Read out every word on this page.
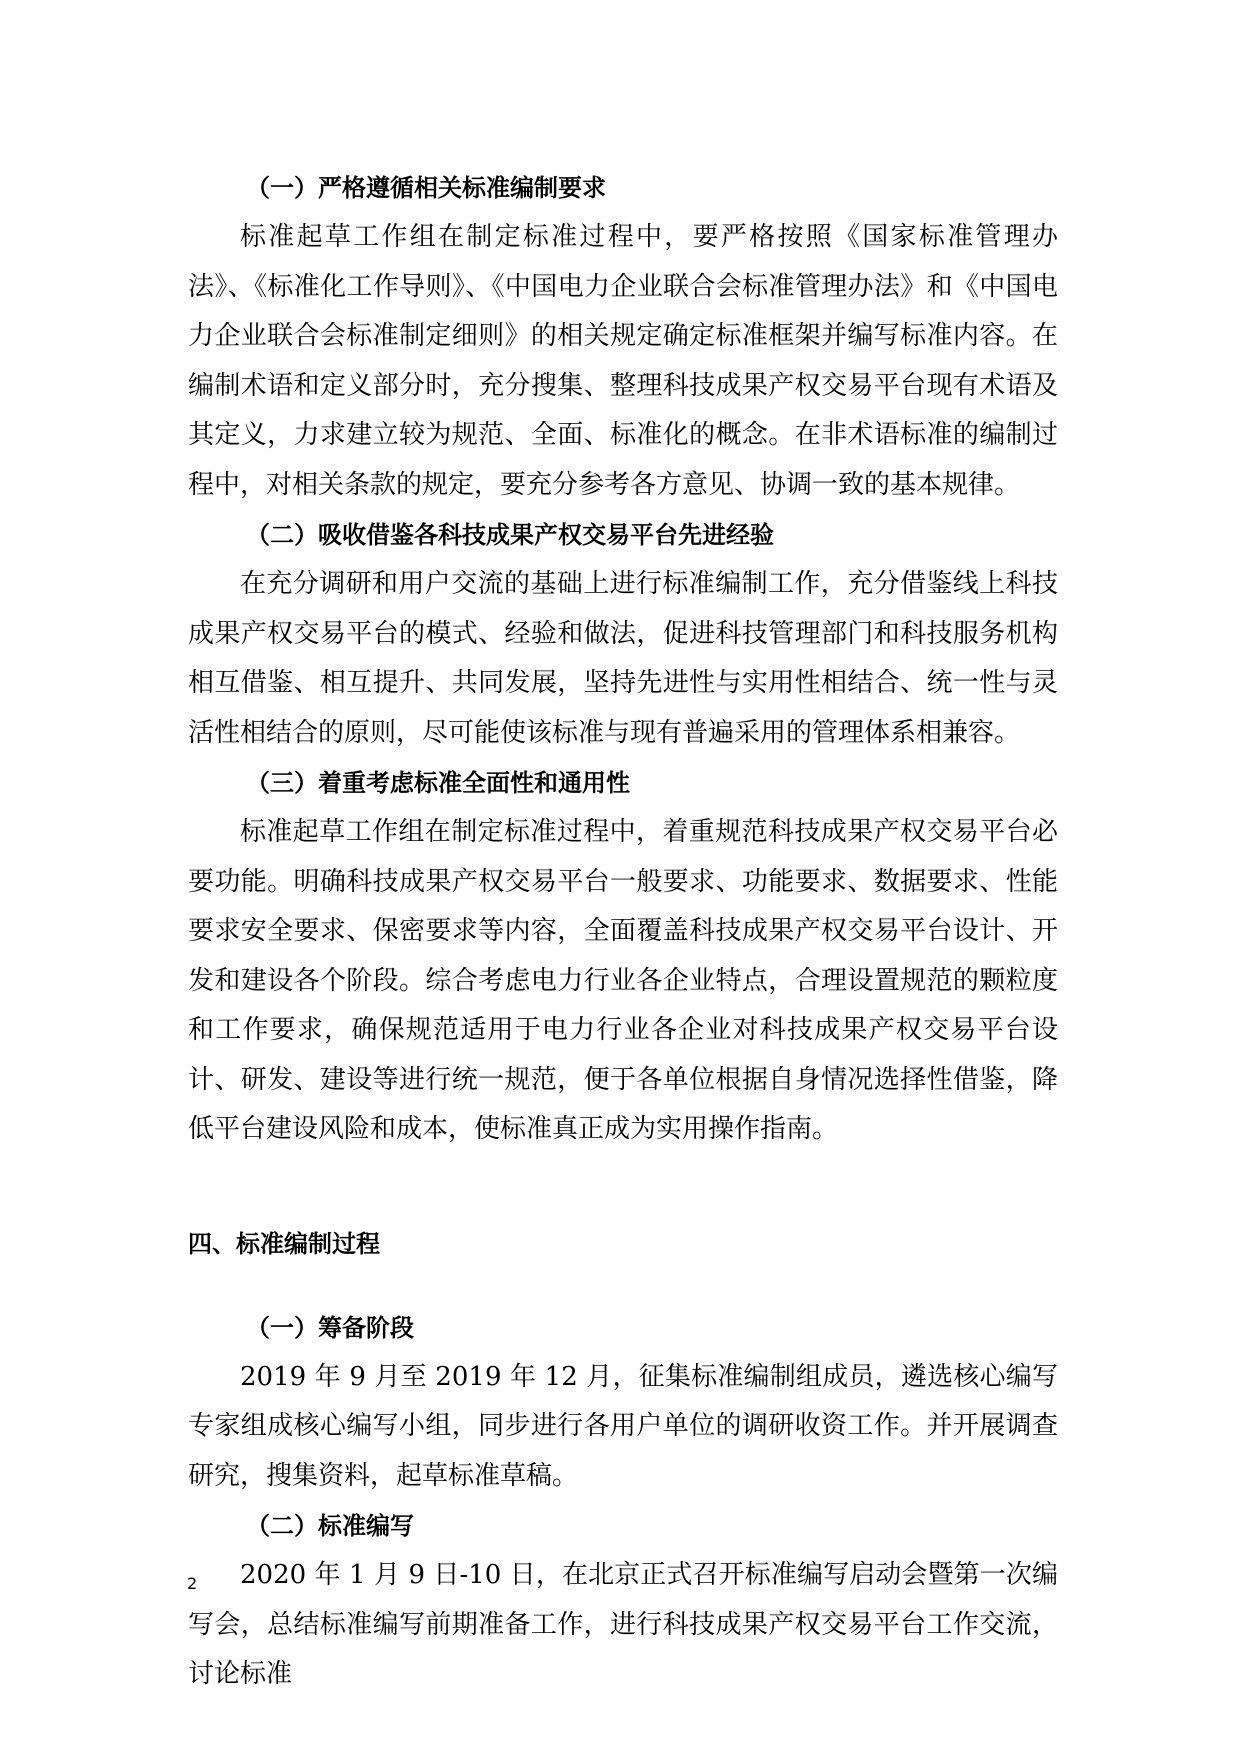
（一）严格遵循相关标准编制要求

标准起草工作组在制定标准过程中，要严格按照《国家标准管理办法》、《标准化工作导则》、《中国电力企业联合会标准管理办法》和《中国电力企业联合会标准制定细则》的相关规定确定标准框架并编写标准内容。在编制术语和定义部分时，充分搜集、整理科技成果产权交易平台现有术语及其定义，力求建立较为规范、全面、标准化的概念。在非术语标准的编制过程中，对相关条款的规定，要充分参考各方意见、协调一致的基本规律。

（二）吸收借鉴各科技成果产权交易平台先进经验

在充分调研和用户交流的基础上进行标准编制工作，充分借鉴线上科技成果产权交易平台的模式、经验和做法，促进科技管理部门和科技服务机构相互借鉴、相互提升、共同发展，坚持先进性与实用性相结合、统一性与灵活性相结合的原则，尽可能使该标准与现有普遍采用的管理体系相兼容。

（三）着重考虑标准全面性和通用性

标准起草工作组在制定标准过程中，着重规范科技成果产权交易平台必要功能。明确科技成果产权交易平台一般要求、功能要求、数据要求、性能要求安全要求、保密要求等内容，全面覆盖科技成果产权交易平台设计、开发和建设各个阶段。综合考虑电力行业各企业特点，合理设置规范的颗粒度和工作要求，确保规范适用于电力行业各企业对科技成果产权交易平台设计、研发、建设等进行统一规范，便于各单位根据自身情况选择性借鉴，降低平台建设风险和成本，使标准真正成为实用操作指南。

四、标准编制过程
（一）筹备阶段

2019 年 9 月至 2019 年 12 月，征集标准编制组成员，遴选核心编写专家组成核心编写小组，同步进行各用户单位的调研收资工作。并开展调查研究，搜集资料，起草标准草稿。

（二）标准编写

2020 年 1 月 9 日-10 日，在北京正式召开标准编写启动会暨第一次编写会，总结标准编写前期准备工作，进行科技成果产权交易平台工作交流，讨论标准

2
